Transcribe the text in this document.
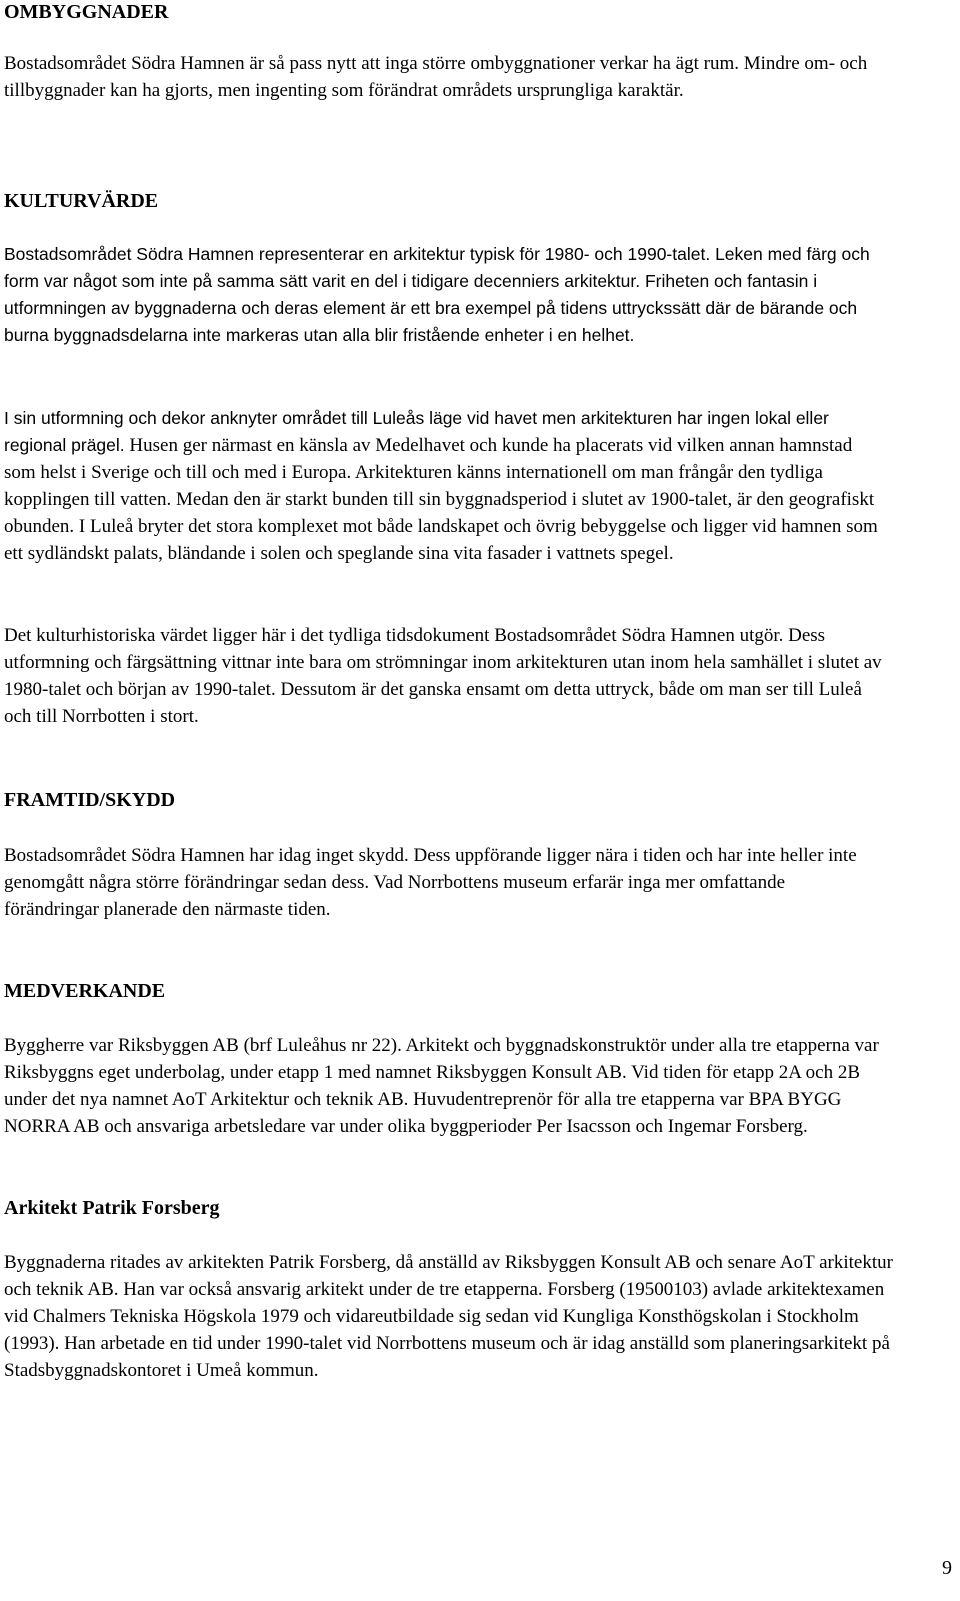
OMBYGGNADER

Bostadsområdet Södra Hamnen är så pass nytt att inga större ombyggnationer verkar ha ägt rum. Mindre om- och tillbyggnader kan ha gjorts, men ingenting som förändrat områdets ursprungliga karaktär.

KULTURVÄRDE

Bostadsområdet Södra Hamnen representerar en arkitektur typisk för 1980- och 1990-talet. Leken med färg och form var något som inte på samma sätt varit en del i tidigare decenniers arkitektur. Friheten och fantasin i utformningen av byggnaderna och deras element är ett bra exempel på tidens uttryckssätt där de bärande och burna byggnadsdelarna inte markeras utan alla blir fristående enheter i en helhet.

I sin utformning och dekor anknyter området till Luleås läge vid havet men arkitekturen har ingen lokal eller regional prägel. Husen ger närmast en känsla av Medelhavet och kunde ha placerats vid vilken annan hamnstad som helst i Sverige och till och med i Europa. Arkitekturen känns internationell om man frångår den tydliga kopplingen till vatten. Medan den är starkt bunden till sin byggnadsperiod i slutet av 1900-talet, är den geografiskt obunden. I Luleå bryter det stora komplexet mot både landskapet och övrig bebyggelse och ligger vid hamnen som ett sydländskt palats, bländande i solen och speglande sina vita fasader i vattnets spegel.

Det kulturhistoriska värdet ligger här i det tydliga tidsdokument Bostadsområdet Södra Hamnen utgör. Dess utformning och färgsättning vittnar inte bara om strömningar inom arkitekturen utan inom hela samhället i slutet av 1980-talet och början av 1990-talet. Dessutom är det ganska ensamt om detta uttryck, både om man ser till Luleå och till Norrbotten i stort.

FRAMTID/SKYDD

Bostadsområdet Södra Hamnen har idag inget skydd. Dess uppförande ligger nära i tiden och har inte heller inte genomgått några större förändringar sedan dess. Vad Norrbottens museum erfarär inga mer omfattande förändringar planerade den närmaste tiden.

MEDVERKANDE

Byggherre var Riksbyggen AB (brf Luleåhus nr 22). Arkitekt och byggnadskonstruktör under alla tre etapperna var Riksbyggns eget underbolag, under etapp 1 med namnet Riksbyggen Konsult AB. Vid tiden för etapp 2A och 2B under det nya namnet AoT Arkitektur och teknik AB. Huvudentreprenör för alla tre etapperna var BPA BYGG NORRA AB och ansvariga arbetsledare var under olika byggperioder Per Isacsson och Ingemar Forsberg.

Arkitekt Patrik Forsberg

Byggnaderna ritades av arkitekten Patrik Forsberg, då anställd av Riksbyggen Konsult AB och senare AoT arkitektur och teknik AB. Han var också ansvarig arkitekt under de tre etapperna. Forsberg (19500103) avlade arkitektexamen vid Chalmers Tekniska Högskola 1979 och vidareutbildade sig sedan vid Kungliga Konsthögskolan i Stockholm (1993). Han arbetade en tid under 1990-talet vid Norrbottens museum och är idag anställd som planeringsarkitekt på Stadsbyggnadskontoret i Umeå kommun.

9
